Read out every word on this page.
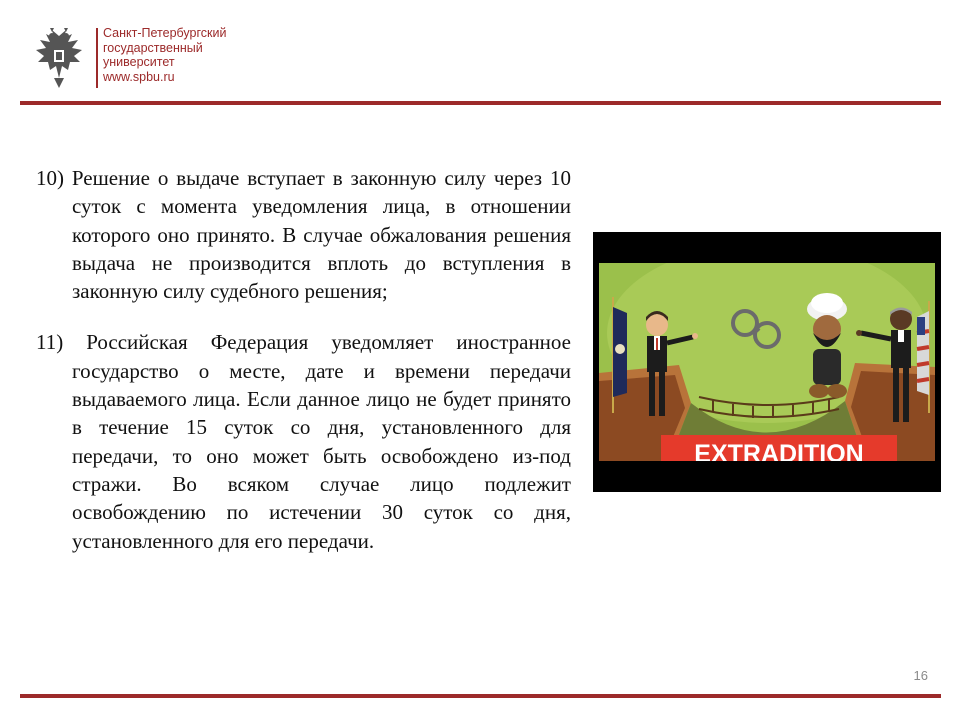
Санкт-Петербургский
государственный
университет
www.spbu.ru
10) Решение о выдаче вступает в законную силу через 10 суток с момента уведомления лица, в отношении которого оно принято. В случае обжалования решения выдача не производится вплоть до вступления в законную силу судебного решения;
11) Российская Федерация уведомляет иностранное государство о месте, дате и времени передачи выдаваемого лица. Если данное лицо не будет принято в течение 15 суток со дня, установленного для передачи, то оно может быть освобождено из-под стражи. Во всяком случае лицо подлежит освобождению по истечении 30 суток со дня, установленного для его передачи.
EXTRADITION
16
